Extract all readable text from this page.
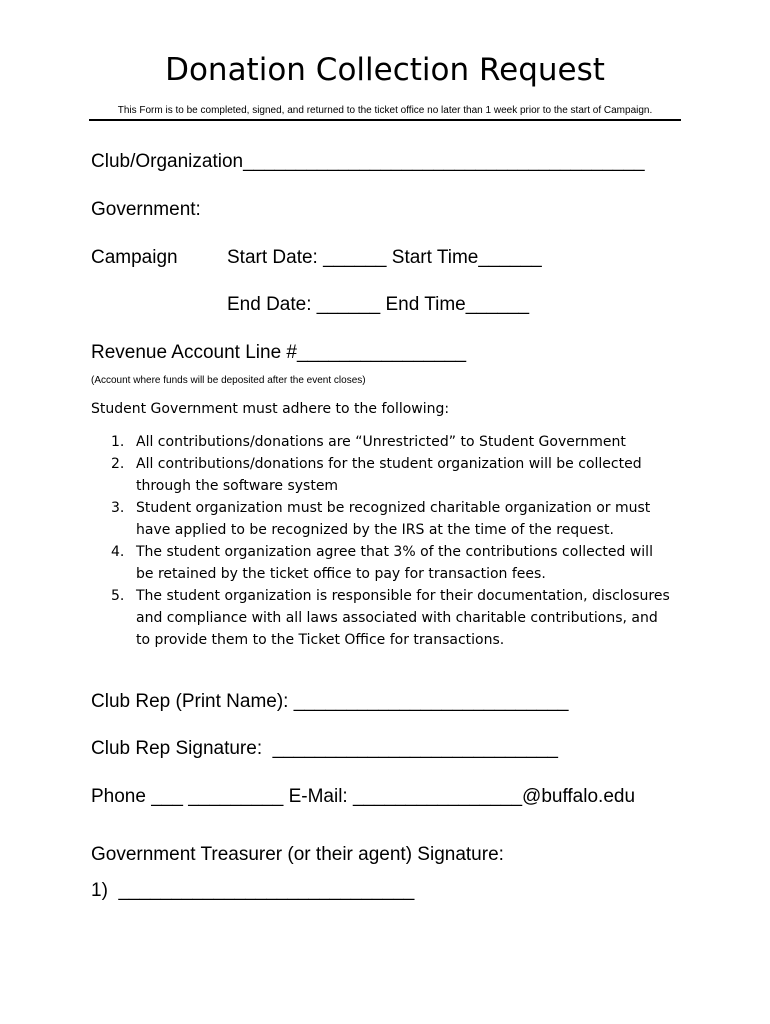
Donation Collection Request
This Form is to be completed, signed, and returned to the ticket office no later than 1 week prior to the start of Campaign.
Club/Organization______________________________________
Government:
Campaign	Start Date: ______ Start Time______
End Date: ______ End Time______
Revenue Account Line #________________
(Account where funds will be deposited after the event closes)
Student Government must adhere to the following:
1. All contributions/donations are “Unrestricted” to Student Government
2. All contributions/donations for the student organization will be collected through the software system
3. Student organization must be recognized charitable organization or must have applied to be recognized by the IRS at the time of the request.
4. The student organization agree that 3% of the contributions collected will be retained by the ticket office to pay for transaction fees.
5. The student organization is responsible for their documentation, disclosures and compliance with all laws associated with charitable contributions, and to provide them to the Ticket Office for transactions.
Club Rep (Print Name): __________________________
Club Rep Signature:  ___________________________
Phone ___ _________ E-Mail: ________________@buffalo.edu
Government Treasurer (or their agent) Signature:
1)  ____________________________
